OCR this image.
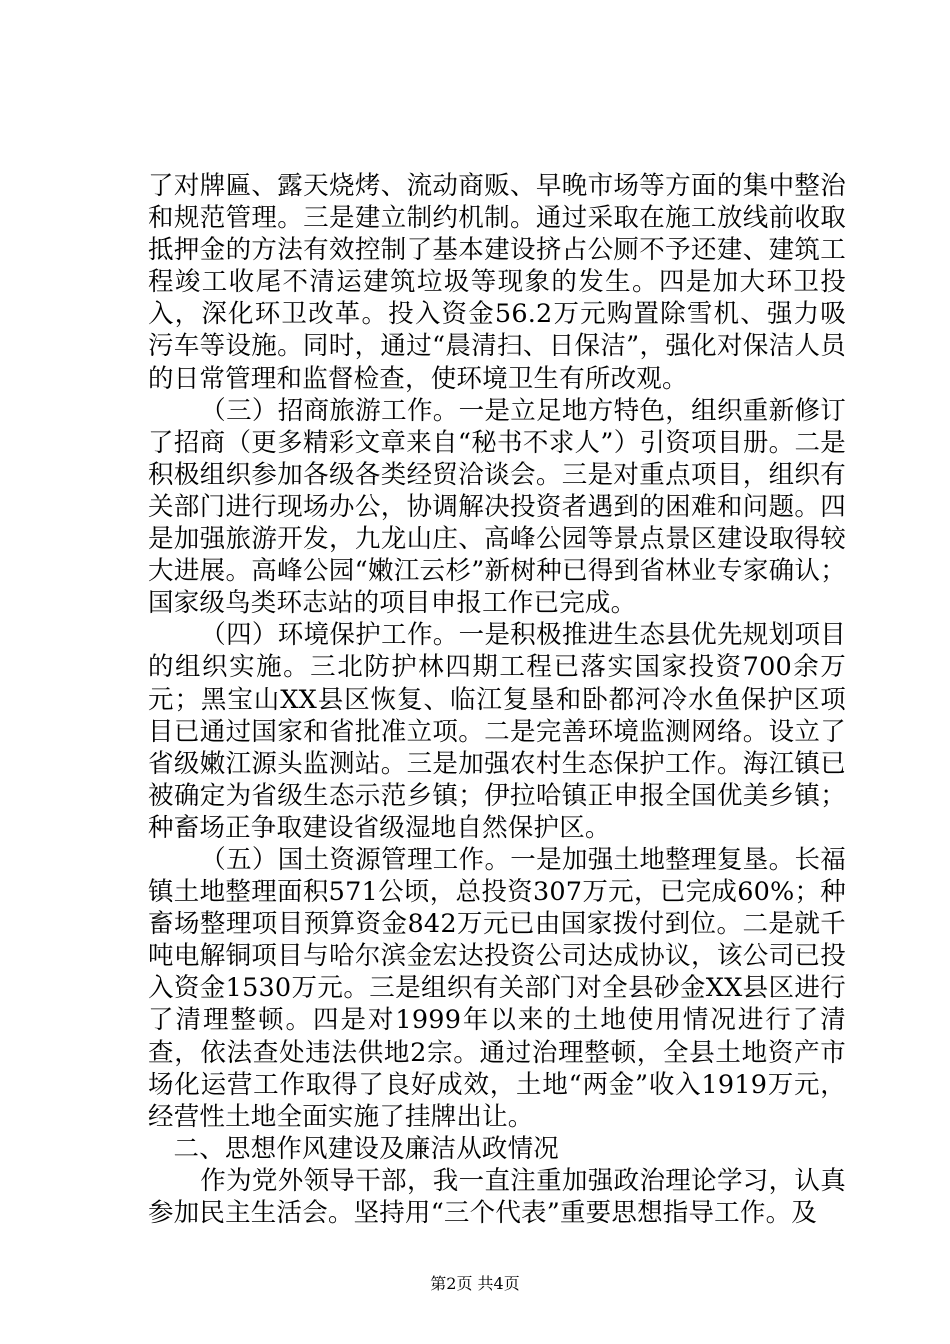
了对牌匾、露天烧烤、流动商贩、早晚市场等方面的集中整治和规范管理。三是建立制约机制。通过采取在施工放线前收取抵押金的方法有效控制了基本建设挤占公厕不予还建、建筑工程竣工收尾不清运建筑垃圾等现象的发生。四是加大环卫投入，深化环卫改革。投入资金56.2万元购置除雪机、强力吸污车等设施。同时，通过“晨清扫、日保洁”，强化对保洁人员的日常管理和监督检查，使环境卫生有所改观。

（三）招商旅游工作。一是立足地方特色，组织重新修订了招商（更多精彩文章来自“秘书不求人”）引资项目册。二是积极组织参加各级各类经贸洽谈会。三是对重点项目，组织有关部门进行现场办公，协调解决投资者遇到的困难和问题。四是加强旅游开发，九龙山庄、高峰公园等景点景区建设取得较大进展。高峰公园“嫩江云杉”新树种已得到省林业专家确认；国家级鸟类环志站的项目申报工作已完成。

（四）环境保护工作。一是积极推进生态县优先规划项目的组织实施。三北防护林四期工程已落实国家投资700余万元；黑宝山XX县区恢复、临江复垦和卧都河冷水鱼保护区项目已通过国家和省批准立项。二是完善环境监测网络。设立了省级嫩江源头监测站。三是加强农村生态保护工作。海江镇已被确定为省级生态示范乡镇；伊拉哈镇正申报全国优美乡镇；种畜场正争取建设省级湿地自然保护区。

（五）国土资源管理工作。一是加强土地整理复垦。长福镇土地整理面积571公顷，总投资307万元，已完成60%；种畜场整理项目预算资金842万元已由国家拨付到位。二是就千吨电解铜项目与哈尔滨金宏达投资公司达成协议，该公司已投入资金1530万元。三是组织有关部门对全县砂金XX县区进行了清理整顿。四是对1999年以来的土地使用情况进行了清查，依法查处违法供地2宗。通过治理整顿，全县土地资产市场化运营工作取得了良好成效，土地“两金”收入1919万元，经营性土地全面实施了挂牌出让。

二、思想作风建设及廉洁从政情况

作为党外领导干部，我一直注重加强政治理论学习，认真参加民主生活会。坚持用“三个代表”重要思想指导工作。及

第2页 共4页
